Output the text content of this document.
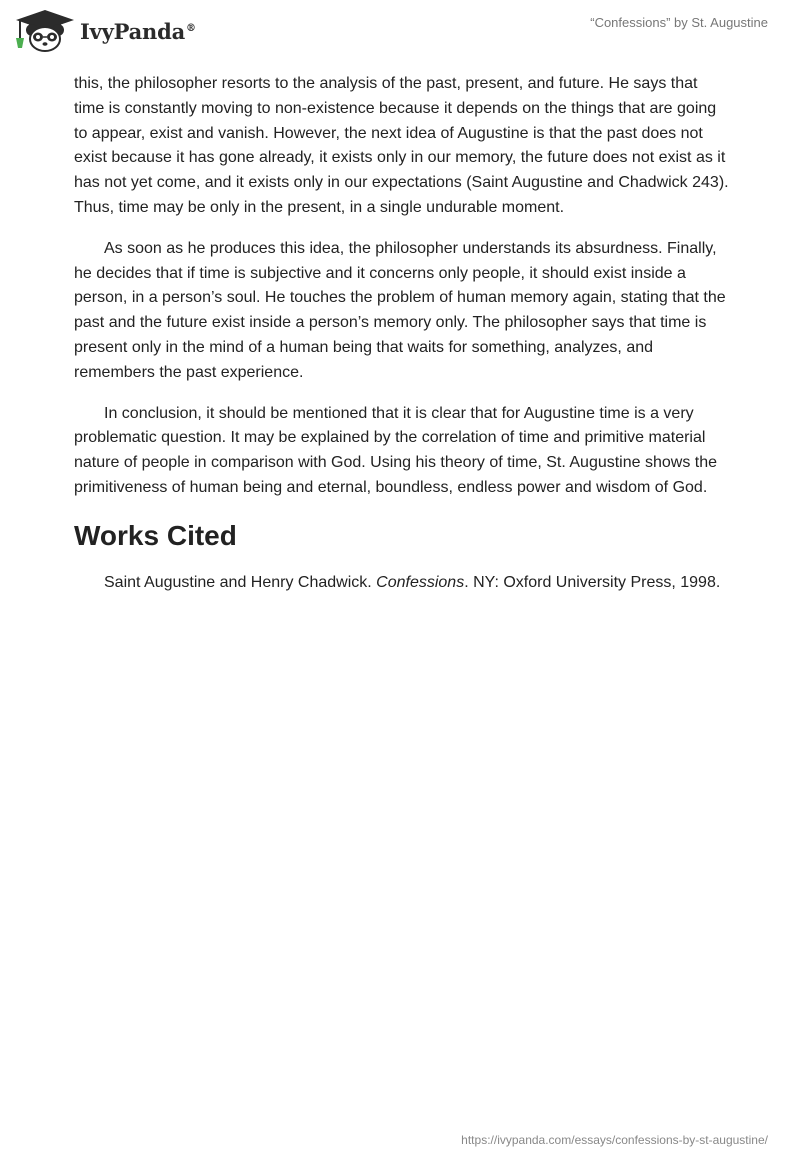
IvyPanda®	“Confessions” by St. Augustine

this, the philosopher resorts to the analysis of the past, present, and future. He says that time is constantly moving to non-existence because it depends on the things that are going to appear, exist and vanish. However, the next idea of Augustine is that the past does not exist because it has gone already, it exists only in our memory, the future does not exist as it has not yet come, and it exists only in our expectations (Saint Augustine and Chadwick 243). Thus, time may be only in the present, in a single undurable moment.

As soon as he produces this idea, the philosopher understands its absurdness. Finally, he decides that if time is subjective and it concerns only people, it should exist inside a person, in a person’s soul. He touches the problem of human memory again, stating that the past and the future exist inside a person’s memory only. The philosopher says that time is present only in the mind of a human being that waits for something, analyzes, and remembers the past experience.

In conclusion, it should be mentioned that it is clear that for Augustine time is a very problematic question. It may be explained by the correlation of time and primitive material nature of people in comparison with God. Using his theory of time, St. Augustine shows the primitiveness of human being and eternal, boundless, endless power and wisdom of God.

Works Cited

Saint Augustine and Henry Chadwick. Confessions. NY: Oxford University Press, 1998.

https://ivypanda.com/essays/confessions-by-st-augustine/
